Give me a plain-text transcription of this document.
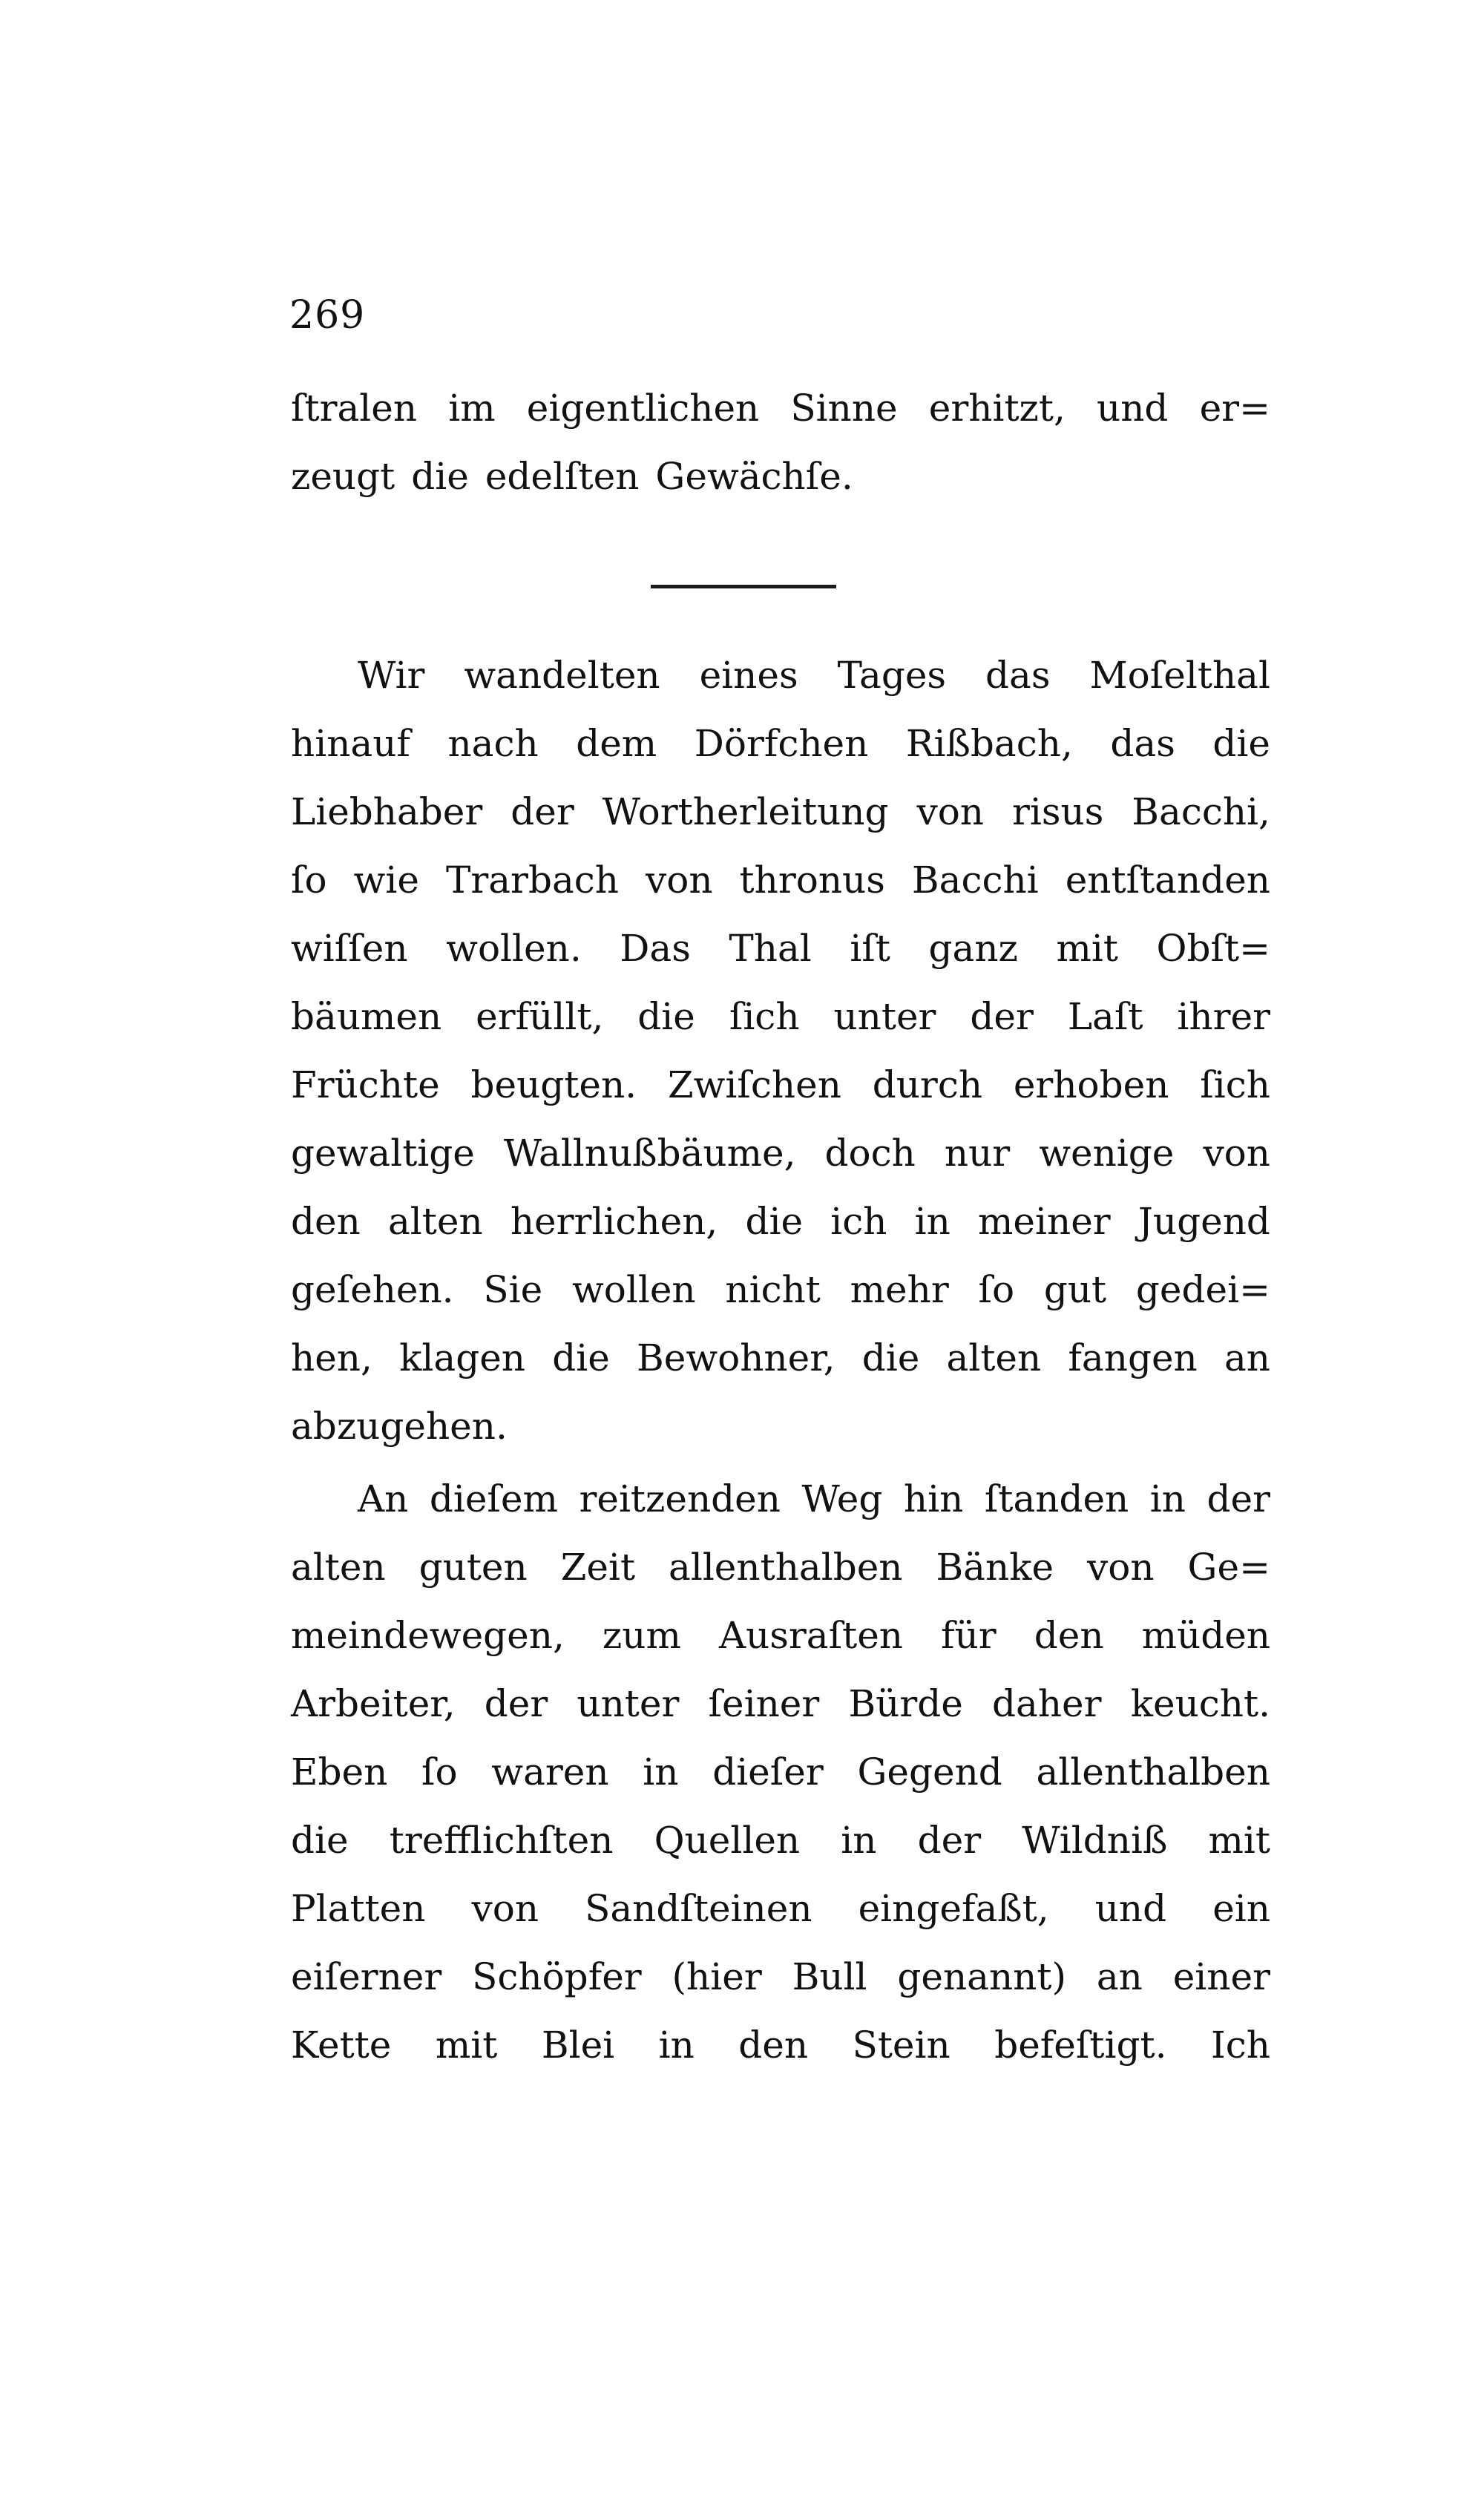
269
ſtralen im eigentlichen Sinne erhitzt, und er=
zeugt die edelſten Gewächſe.
Wir wandelten eines Tages das Moſelthal
hinauf nach dem Dörfchen Rißbach, das die
Liebhaber der Wortherleitung von risus Bacchi,
ſo wie Trarbach von thronus Bacchi entſtanden
wiſſen wollen. Das Thal iſt ganz mit Obſt=
bäumen erfüllt, die ſich unter der Laſt ihrer
Früchte beugten. Zwiſchen durch erhoben ſich
gewaltige Wallnußbäume, doch nur wenige von
den alten herrlichen, die ich in meiner Jugend
geſehen. Sie wollen nicht mehr ſo gut gedei=
hen, klagen die Bewohner, die alten fangen an
abzugehen.
An dieſem reitzenden Weg hin ſtanden in der
alten guten Zeit allenthalben Bänke von Ge=
meindewegen, zum Ausraſten für den müden
Arbeiter, der unter ſeiner Bürde daher keucht.
Eben ſo waren in dieſer Gegend allenthalben
die trefflichſten Quellen in der Wildniß mit
Platten von Sandſteinen eingefaßt, und ein
eiſerner Schöpfer (hier Bull genannt) an einer
Kette mit Blei in den Stein befeſtigt. Ich
